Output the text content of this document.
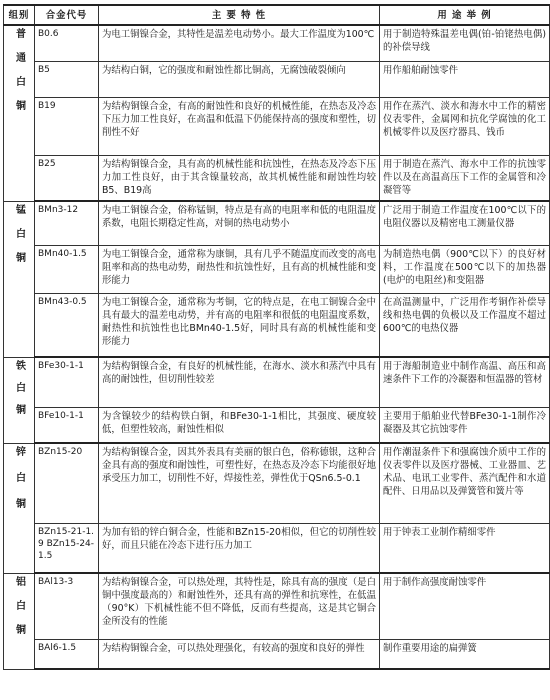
组别	合金代号	主 要 特 性	用 途 举 例

普通白铜	B0.6	为电工铜镍合金，其特性是温差电动势小。最大工作温度为100℃	用于制造特殊温差电偶(铂-铂铑热电偶)的补偿导线
	B5	为结构白铜，它的强度和耐蚀性都比铜高，无腐蚀破裂倾向	用作船舶耐蚀零件
	B19	为结构铜镍合金，有高的耐蚀性和良好的机械性能，在热态及冷态下压力加工性良好，在高温和低温下仍能保持高的强度和塑性，切削性不好	用作在蒸汽、淡水和海水中工作的精密仪表零件，金属网和抗化学腐蚀的化工机械零件以及医疗器具、钱币
	B25	为结构铜镍合金，具有高的机械性能和抗蚀性，在热态及冷态下压力加工性良好，由于其含镍量较高，故其机械性能和耐蚀性均较B5、B19高	用于制造在蒸汽、海水中工作的抗蚀零件以及在高温高压下工作的金属管和冷凝管等

锰白铜	BMn3-12	为电工铜镍合金，俗称锰铜，特点是有高的电阻率和低的电阻温度系数，电阻长期稳定性高，对铜的热电动势小	广泛用于制造工作温度在100℃以下的电阻仪器以及精密电工测量仪器
	BMn40-1.5	为电工铜镍合金，通常称为康铜，具有几乎不随温度而改变的高电阻率和高的热电动势，耐热性和抗蚀性好，且有高的机械性能和变形能力	为制造热电偶（900℃以下）的良好材料，工作温度在500℃以下的加热器(电炉的电阻丝)和变阻器
	BMn43-0.5	为电工铜镍合金，通常称为考铜，它的特点是，在电工铜镍合金中具有最大的温差电动势，并有高的电阻率和很低的电阻温度系数，耐热性和抗蚀性也比BMn40-1.5好，同时具有高的机械性能和变形能力	在高温测量中，广泛用作考铜作补偿导线和热电偶的负极以及工作温度不超过600℃的电热仪器

铁白铜	BFe30-1-1	为结构铜镍合金，有良好的机械性能，在海水、淡水和蒸汽中具有高的耐蚀性，但切削性较差	用于海船制造业中制作高温、高压和高速条件下工作的冷凝器和恒温器的管材
	BFe10-1-1	为含镍较少的结构铁白铜，和BFe30-1-1相比，其强度、硬度较低，但塑性较高，耐蚀性相似	主要用于船舶业代替BFe30-1-1制作冷凝器及其它抗蚀零件

锌白铜	BZn15-20	为结构铜镍合金，因其外表具有美丽的银白色，俗称德银，这种合金具有高的强度和耐蚀性，可塑性好，在热态及冷态下均能很好地承受压力加工，切削性不好，焊接性差，弹性优于QSn6.5-0.1	用作潮湿条件下和强腐蚀介质中工作的仪表零件以及医疗器械、工业器皿、艺术品、电讯工业零件、蒸汽配件和水道配件、日用品以及弹簧管和簧片等
	BZn15-21-1.9 BZn15-24-1.5	为加有铅的锌白铜合金，性能和BZn15-20相似，但它的切削性较好，而且只能在冷态下进行压力加工	用于钟表工业制作精细零件

铝白铜	BAl13-3	为结构铜镍合金，可以热处理，其特性是，除具有高的强度（是白铜中强度最高的）和耐蚀性外，还具有高的弹性和抗寒性，在低温（90°K）下机械性能不但不降低，反而有些提高，这是其它铜合金所没有的性能	用于制作高强度耐蚀零件
	BAl6-1.5	为结构铜镍合金，可以热处理强化，有较高的强度和良好的弹性	制作重要用途的扁弹簧
